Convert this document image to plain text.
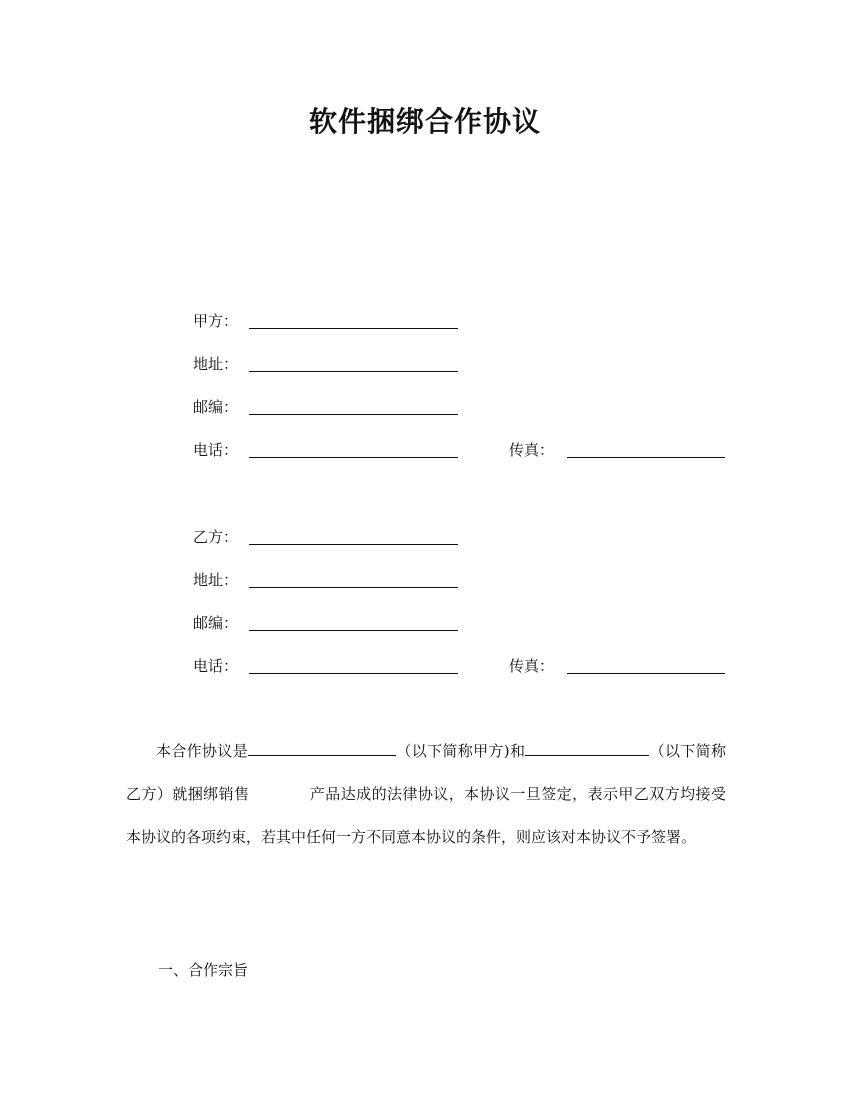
软件捆绑合作协议
甲方：
地址：
邮编：
电话：	传真：
乙方：
地址：
邮编：
电话：	传真：
本合作协议是	（以下简称甲方)和	（以下简称乙方）就捆绑销售	产品达成的法律协议，本协议一旦签定，表示甲乙双方均接受本协议的各项约束，若其中任何一方不同意本协议的条件，则应该对本协议不予签署。
一、合作宗旨
